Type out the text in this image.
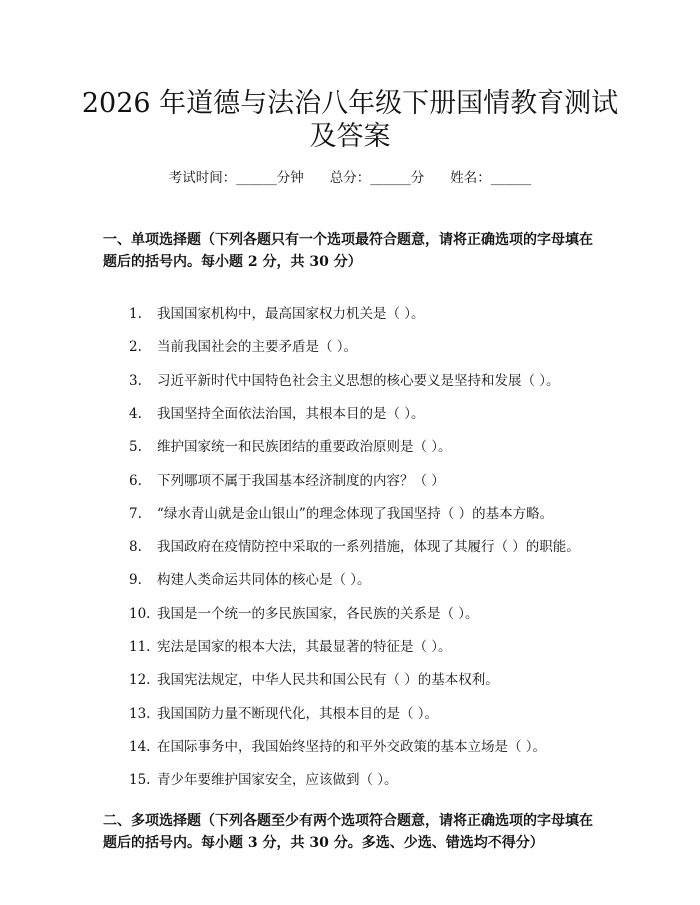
2026 年道德与法治八年级下册国情教育测试
及答案
考试时间：______分钟 总分：______分 姓名：______

一、单项选择题（下列各题只有一个选项最符合题意，请将正确选项的字母填在题后的括号内。每小题 2 分，共 30 分）

1. 我国国家机构中，最高国家权力机关是（ ）。
2. 当前我国社会的主要矛盾是（ ）。
3. 习近平新时代中国特色社会主义思想的核心要义是坚持和发展（ ）。
4. 我国坚持全面依法治国，其根本目的是（ ）。
5. 维护国家统一和民族团结的重要政治原则是（ ）。
6. 下列哪项不属于我国基本经济制度的内容？（ ）
7. “绿水青山就是金山银山”的理念体现了我国坚持（ ）的基本方略。
8. 我国政府在疫情防控中采取的一系列措施，体现了其履行（ ）的职能。
9. 构建人类命运共同体的核心是（ ）。
10. 我国是一个统一的多民族国家，各民族的关系是（ ）。
11. 宪法是国家的根本大法，其最显著的特征是（ ）。
12. 我国宪法规定，中华人民共和国公民有（ ）的基本权利。
13. 我国国防力量不断现代化，其根本目的是（ ）。
14. 在国际事务中，我国始终坚持的和平外交政策的基本立场是（ ）。
15. 青少年要维护国家安全，应该做到（ ）。

二、多项选择题（下列各题至少有两个选项符合题意，请将正确选项的字母填在题后的括号内。每小题 3 分，共 30 分。多选、少选、错选均不得分）
